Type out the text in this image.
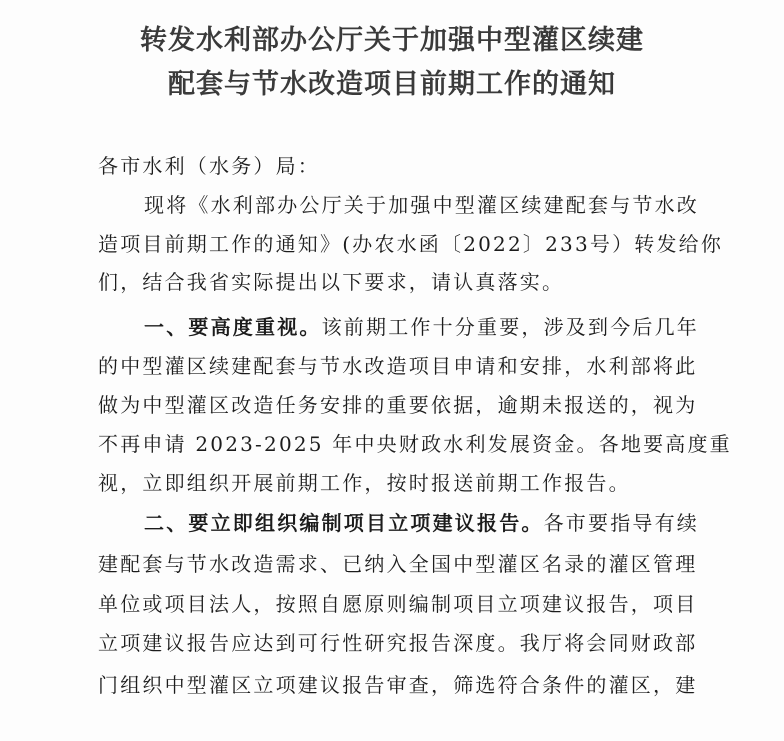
转发水利部办公厅关于加强中型灌区续建
配套与节水改造项目前期工作的通知
各市水利（水务）局：
现将《水利部办公厅关于加强中型灌区续建配套与节水改
造项目前期工作的通知》(办农水函〔2022〕233号）转发给你
们，结合我省实际提出以下要求，请认真落实。
一、要高度重视。该前期工作十分重要，涉及到今后几年
的中型灌区续建配套与节水改造项目申请和安排，水利部将此
做为中型灌区改造任务安排的重要依据，逾期未报送的，视为
不再申请 2023-2025 年中央财政水利发展资金。各地要高度重
视，立即组织开展前期工作，按时报送前期工作报告。
二、要立即组织编制项目立项建议报告。各市要指导有续
建配套与节水改造需求、已纳入全国中型灌区名录的灌区管理
单位或项目法人，按照自愿原则编制项目立项建议报告，项目
立项建议报告应达到可行性研究报告深度。我厅将会同财政部
门组织中型灌区立项建议报告审查，筛选符合条件的灌区，建
